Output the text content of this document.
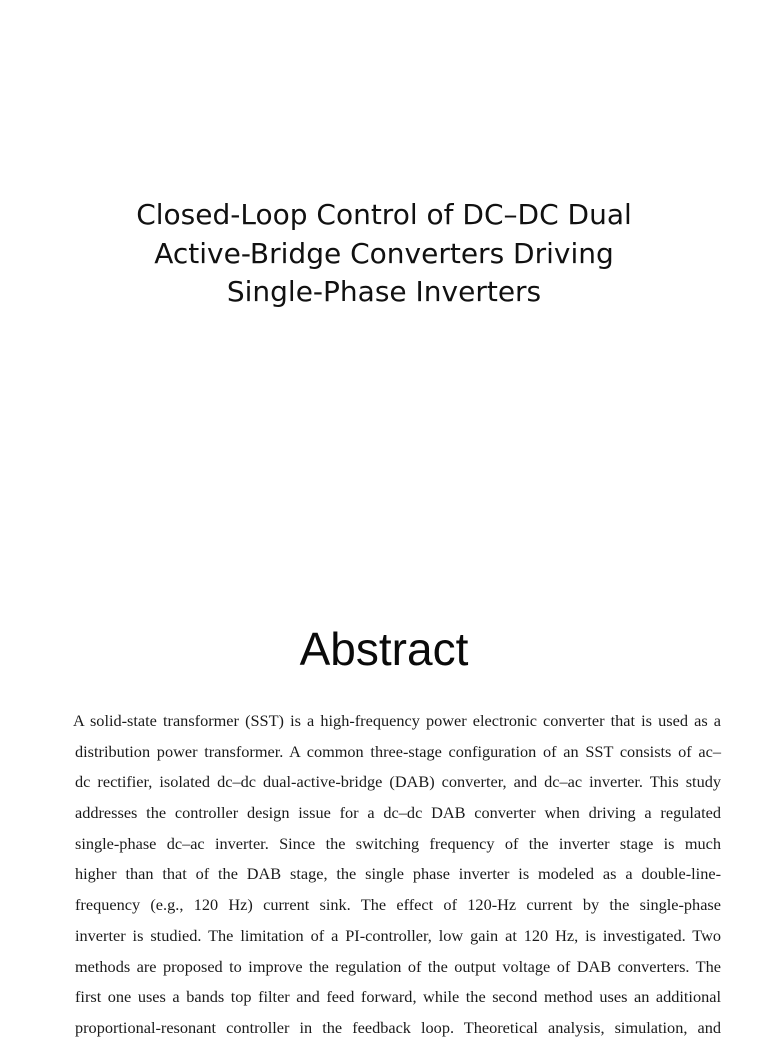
Closed-Loop Control of DC–DC Dual
Active-Bridge Converters Driving
Single-Phase Inverters
Abstract
A solid-state transformer (SST) is a high-frequency power electronic converter that is used as a
distribution power transformer. A common three-stage configuration of an SST consists of ac–
dc rectifier, isolated dc–dc dual-active-bridge (DAB) converter, and dc–ac inverter. This study
addresses the controller design issue for a dc–dc DAB converter when driving a regulated
single-phase dc–ac inverter. Since the switching frequency of the inverter stage is much
higher than that of the DAB stage, the single phase inverter is modeled as a double-line-
frequency (e.g., 120 Hz) current sink. The effect of 120-Hz current by the single-phase
inverter is studied. The limitation of a PI-controller, low gain at 120 Hz, is investigated. Two
methods are proposed to improve the regulation of the output voltage of DAB converters. The
first one uses a bands top filter and feed forward, while the second method uses an additional
proportional-resonant controller in the feedback loop. Theoretical analysis, simulation, and
